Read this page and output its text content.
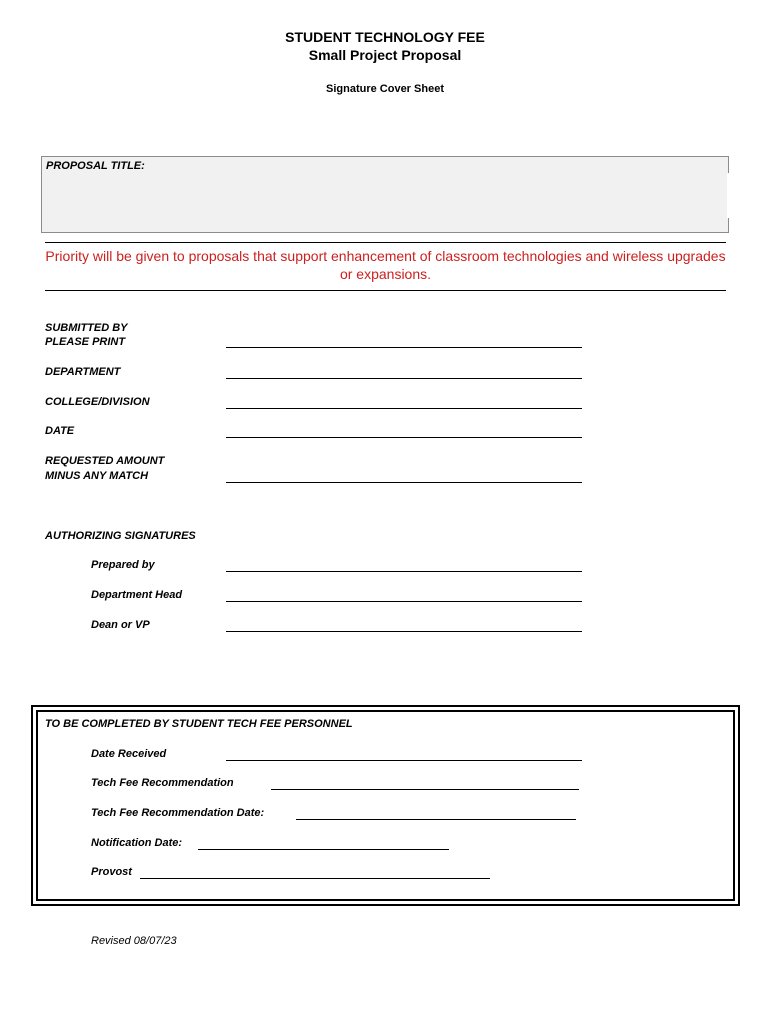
STUDENT TECHNOLOGY FEE
Small Project Proposal
Signature Cover Sheet
PROPOSAL TITLE:
Priority will be given to proposals that support enhancement of classroom technologies and wireless upgrades or expansions.
SUBMITTED BY
PLEASE PRINT
DEPARTMENT
COLLEGE/DIVISION
DATE
REQUESTED AMOUNT
MINUS ANY MATCH
AUTHORIZING SIGNATURES
Prepared by
Department Head
Dean or VP
TO BE COMPLETED BY STUDENT TECH FEE PERSONNEL
Date Received
Tech Fee Recommendation
Tech Fee Recommendation Date:
Notification Date:
Provost
Revised 08/07/23
